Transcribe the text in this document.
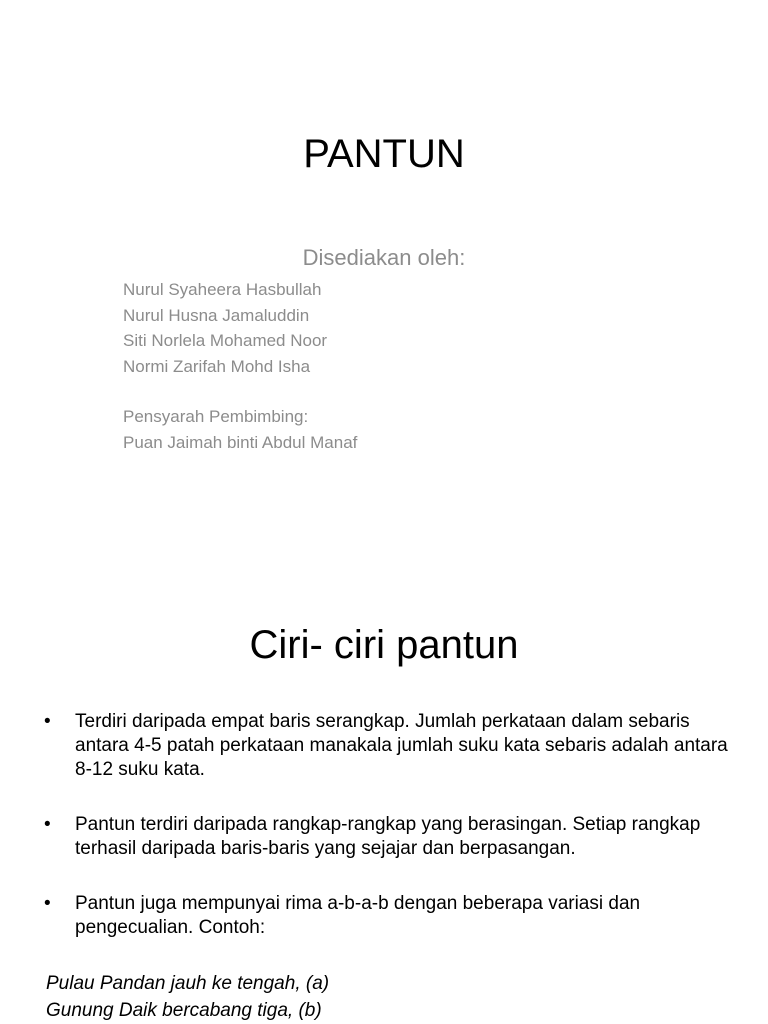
PANTUN
Disediakan oleh:
Nurul Syaheera Hasbullah
Nurul Husna Jamaluddin
Siti Norlela Mohamed Noor
Normi Zarifah Mohd Isha
Pensyarah Pembimbing:
Puan Jaimah binti Abdul Manaf
Ciri- ciri pantun
•	Terdiri daripada empat baris serangkap. Jumlah perkataan dalam sebaris antara 4-5 patah perkataan manakala jumlah suku kata sebaris adalah antara 8-12 suku kata.
•	Pantun terdiri daripada rangkap-rangkap yang berasingan. Setiap rangkap terhasil daripada baris-baris yang sejajar dan berpasangan.
•	Pantun juga mempunyai rima a-b-a-b dengan beberapa variasi dan pengecualian. Contoh:
Pulau Pandan jauh ke tengah, (a)
Gunung Daik bercabang tiga, (b)
